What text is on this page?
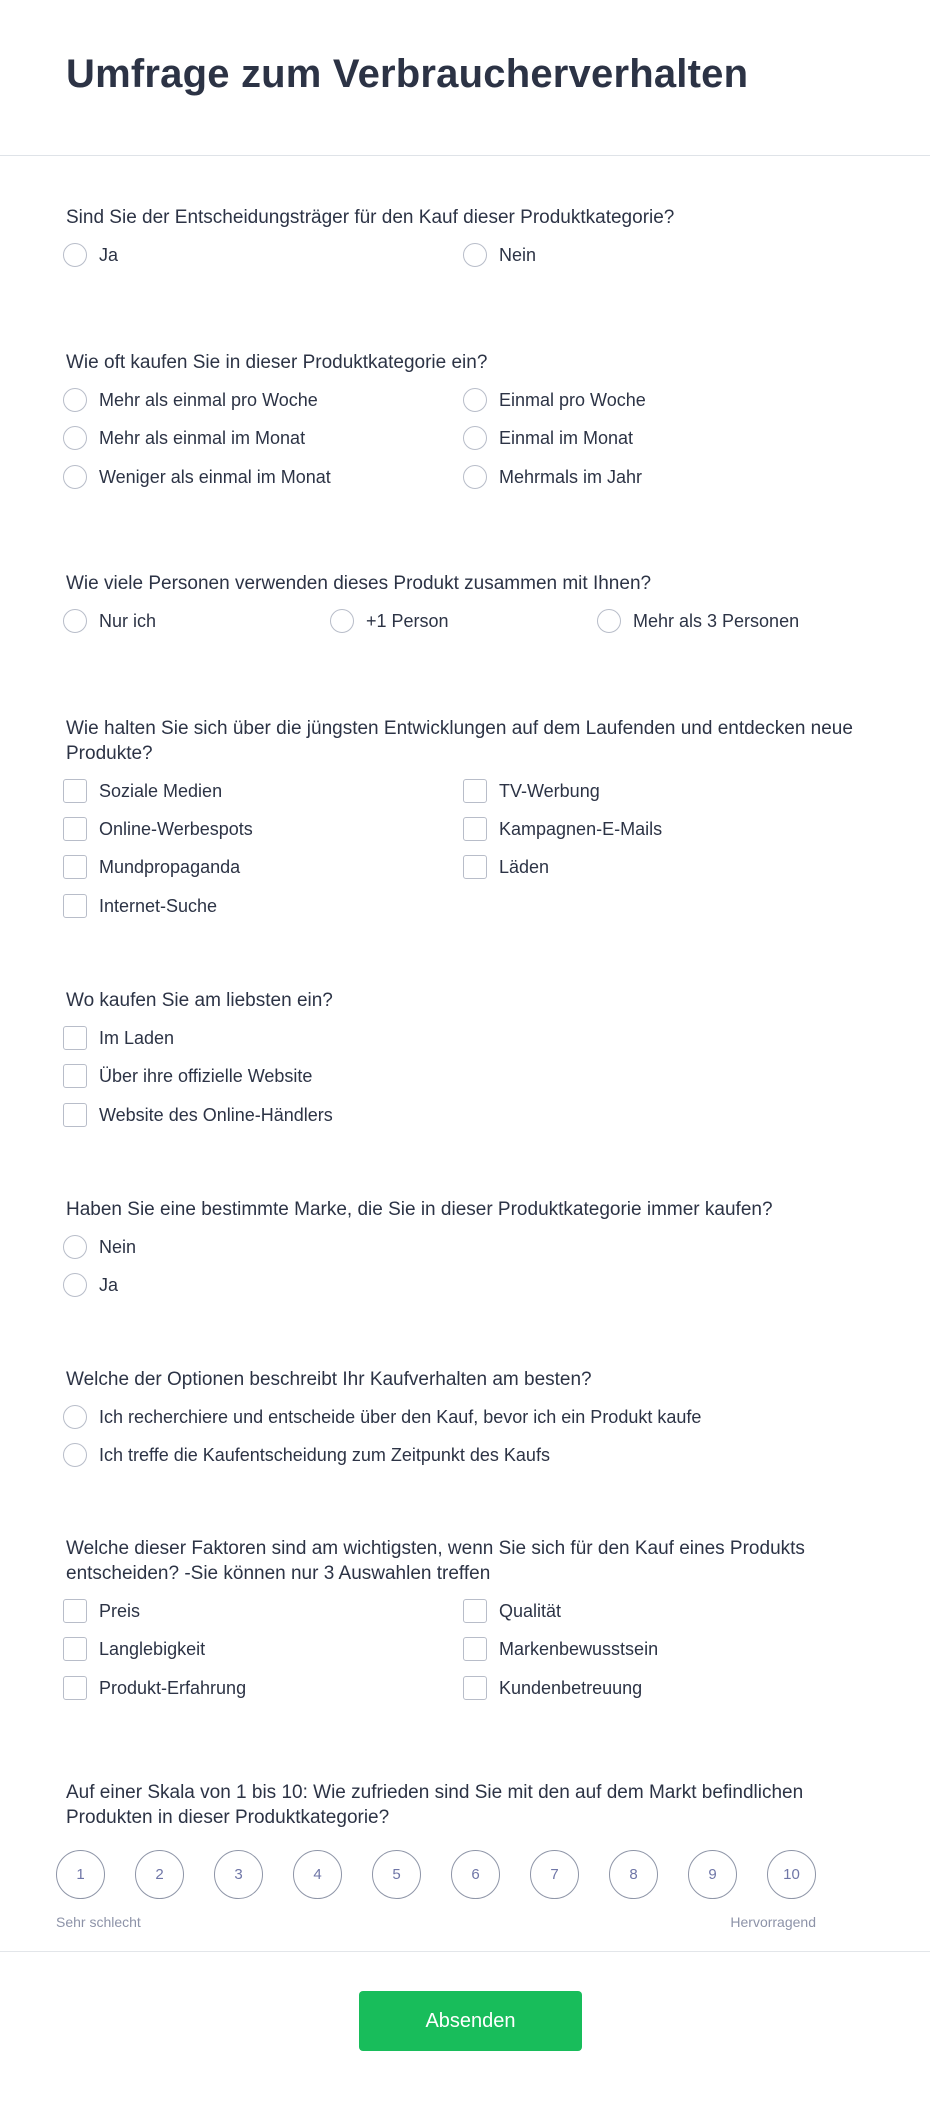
Umfrage zum Verbraucherverhalten
Sind Sie der Entscheidungsträger für den Kauf dieser Produktkategorie?
Ja	Nein
Wie oft kaufen Sie in dieser Produktkategorie ein?
Mehr als einmal pro Woche	Einmal pro Woche
Mehr als einmal im Monat	Einmal im Monat
Weniger als einmal im Monat	Mehrmals im Jahr
Wie viele Personen verwenden dieses Produkt zusammen mit Ihnen?
Nur ich	+1 Person	Mehr als 3 Personen
Wie halten Sie sich über die jüngsten Entwicklungen auf dem Laufenden und entdecken neue Produkte?
Soziale Medien	TV-Werbung
Online-Werbespots	Kampagnen-E-Mails
Mundpropaganda	Läden
Internet-Suche
Wo kaufen Sie am liebsten ein?
Im Laden
Über ihre offizielle Website
Website des Online-Händlers
Haben Sie eine bestimmte Marke, die Sie in dieser Produktkategorie immer kaufen?
Nein
Ja
Welche der Optionen beschreibt Ihr Kaufverhalten am besten?
Ich recherchiere und entscheide über den Kauf, bevor ich ein Produkt kaufe
Ich treffe die Kaufentscheidung zum Zeitpunkt des Kaufs
Welche dieser Faktoren sind am wichtigsten, wenn Sie sich für den Kauf eines Produkts entscheiden? -Sie können nur 3 Auswahlen treffen
Preis	Qualität
Langlebigkeit	Markenbewusstsein
Produkt-Erfahrung	Kundenbetreuung
Auf einer Skala von 1 bis 10: Wie zufrieden sind Sie mit den auf dem Markt befindlichen Produkten in dieser Produktkategorie?
1	2	3	4	5	6	7	8	9	10
Sehr schlecht	Hervorragend
Absenden
